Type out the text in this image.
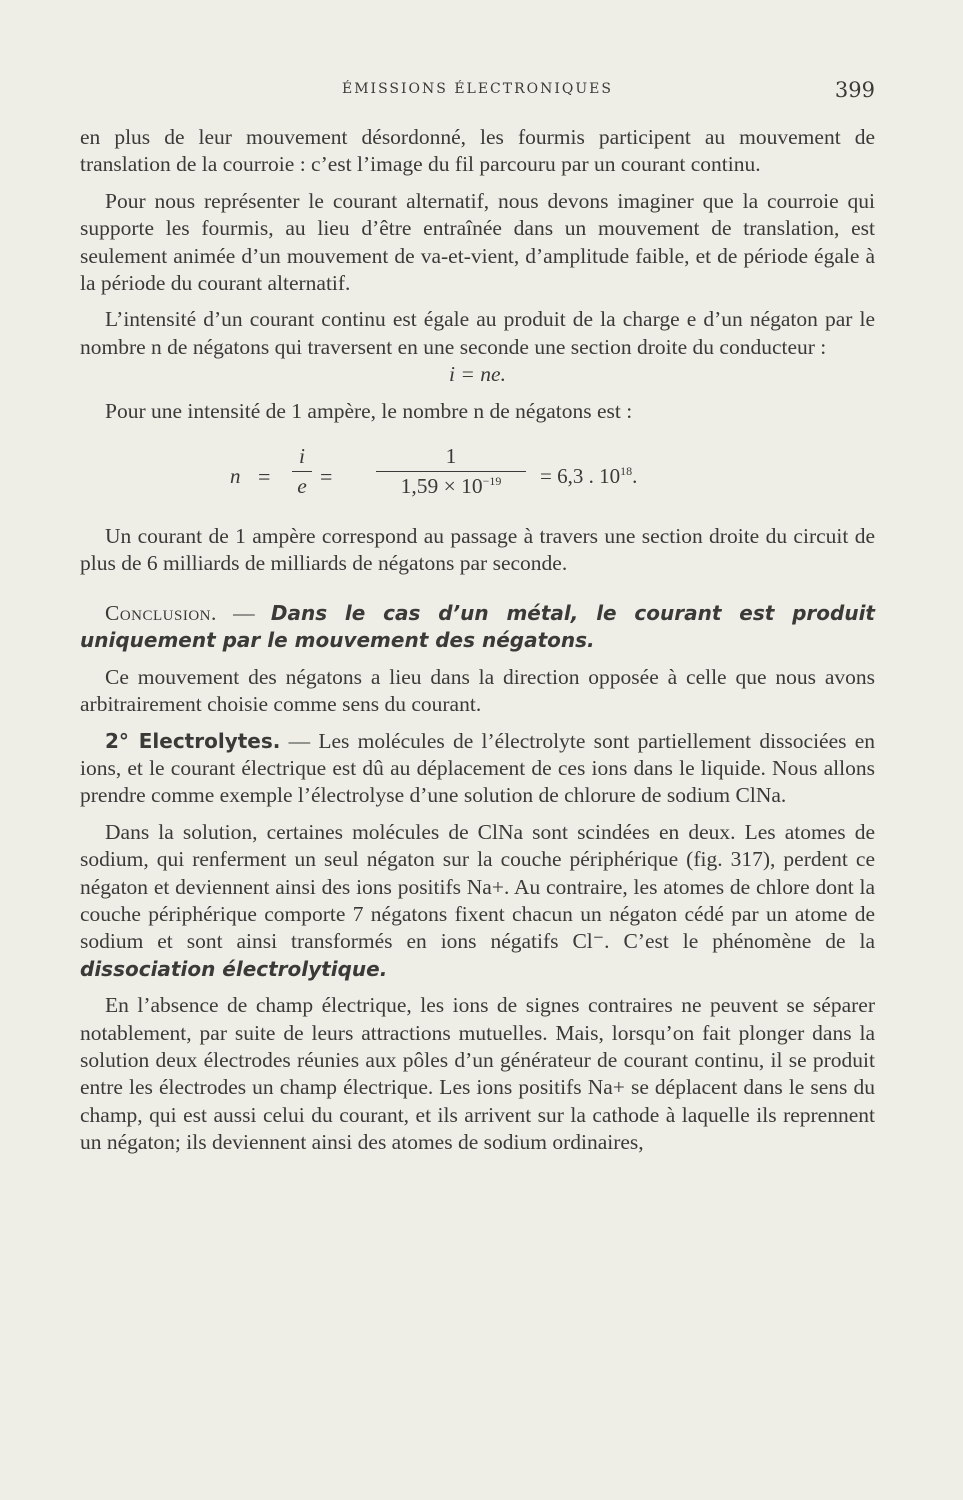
ÉMISSIONS ÉLECTRONIQUES	399

en plus de leur mouvement désordonné, les fourmis participent au mouvement de translation de la courroie : c’est l’image du fil parcouru par un courant continu.

Pour nous représenter le courant alternatif, nous devons imaginer que la courroie qui supporte les fourmis, au lieu d’être entraînée dans un mouvement de translation, est seulement animée d’un mouvement de va-et-vient, d’amplitude faible, et de période égale à la période du courant alternatif.

L’intensité d’un courant continu est égale au produit de la charge e d’un négaton par le nombre n de négatons qui traversent en une seconde une section droite du conducteur :

i = ne.

Pour une intensité de 1 ampère, le nombre n de négatons est :

$n = \frac{i}{e} = \frac{1}{1,59 \times 10^{-19}} = 6,3$ . $10^{18}$.

Un courant de 1 ampère correspond au passage à travers une section droite du circuit de plus de 6 milliards de milliards de négatons par seconde.

Conclusion. — Dans le cas d’un métal, le courant est produit uniquement par le mouvement des négatons.

Ce mouvement des négatons a lieu dans la direction opposée à celle que nous avons arbitrairement choisie comme sens du courant.

2° Electrolytes. — Les molécules de l’électrolyte sont partiellement dissociées en ions, et le courant électrique est dû au déplacement de ces ions dans le liquide. Nous allons prendre comme exemple l’électrolyse d’une solution de chlorure de sodium ClNa.

Dans la solution, certaines molécules de ClNa sont scindées en deux. Les atomes de sodium, qui renferment un seul négaton sur la couche périphérique (fig. 317), perdent ce négaton et deviennent ainsi des ions positifs Na+. Au contraire, les atomes de chlore dont la couche périphérique comporte 7 négatons fixent chacun un négaton cédé par un atome de sodium et sont ainsi transformés en ions négatifs Cl⁻. C’est le phénomène de la dissociation électrolytique.

En l’absence de champ électrique, les ions de signes contraires ne peuvent se séparer notablement, par suite de leurs attractions mutuelles. Mais, lorsqu’on fait plonger dans la solution deux électrodes réunies aux pôles d’un générateur de courant continu, il se produit entre les électrodes un champ électrique. Les ions positifs Na+ se déplacent dans le sens du champ, qui est aussi celui du courant, et ils arrivent sur la cathode à laquelle ils reprennent un négaton; ils deviennent ainsi des atomes de sodium ordinaires,
